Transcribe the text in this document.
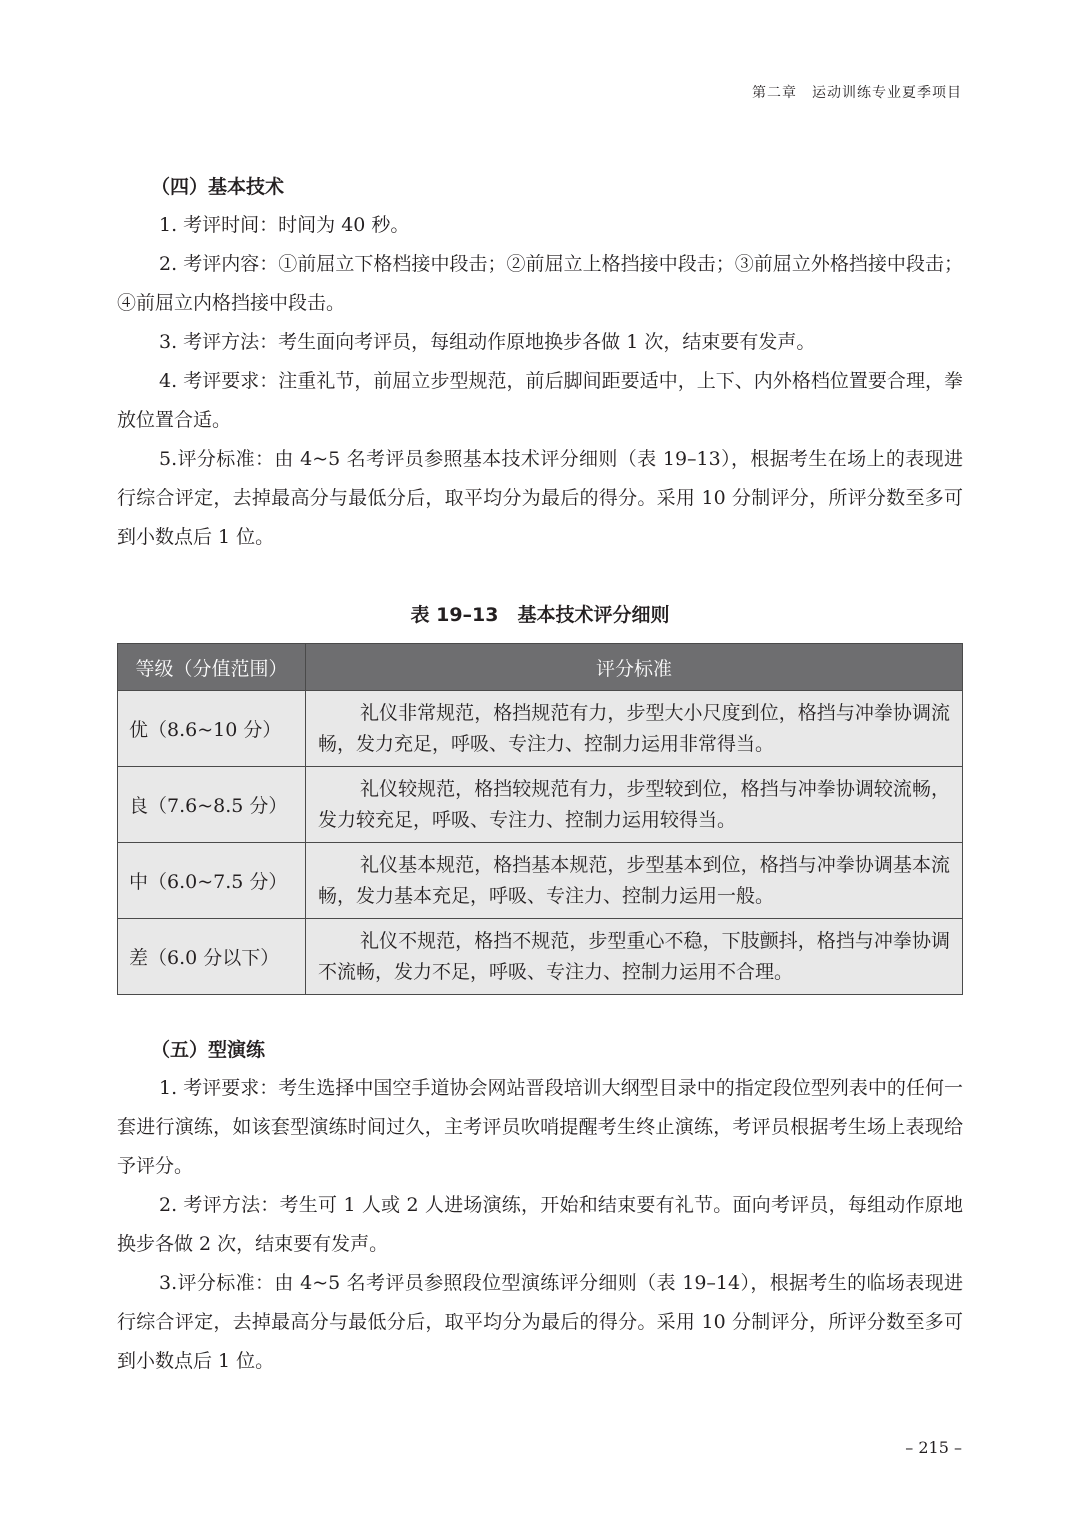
第二章　运动训练专业夏季项目
（四）基本技术

1. 考评时间：时间为 40 秒。

2. 考评内容：①前屈立下格档接中段击；②前屈立上格挡接中段击；③前屈立外格挡接中段击；④前屈立内格挡接中段击。

3. 考评方法：考生面向考评员，每组动作原地换步各做 1 次，结束要有发声。

4. 考评要求：注重礼节，前屈立步型规范，前后脚间距要适中，上下、内外格档位置要合理，拳放位置合适。

5.评分标准：由 4~5 名考评员参照基本技术评分细则（表 19–13），根据考生在场上的表现进行综合评定，去掉最高分与最低分后，取平均分为最后的得分。采用 10 分制评分，所评分数至多可到小数点后 1 位。

表 19–13　基本技术评分细则
等级（分值范围）	评分标准
优（8.6~10 分）	礼仪非常规范，格挡规范有力，步型大小尺度到位，格挡与冲拳协调流畅，发力充足，呼吸、专注力、控制力运用非常得当。
良（7.6~8.5 分）	礼仪较规范，格挡较规范有力，步型较到位，格挡与冲拳协调较流畅，发力较充足，呼吸、专注力、控制力运用较得当。
中（6.0~7.5 分）	礼仪基本规范，格挡基本规范，步型基本到位，格挡与冲拳协调基本流畅，发力基本充足，呼吸、专注力、控制力运用一般。
差（6.0 分以下）	礼仪不规范，格挡不规范，步型重心不稳，下肢颤抖，格挡与冲拳协调不流畅，发力不足，呼吸、专注力、控制力运用不合理。
（五）型演练

1. 考评要求：考生选择中国空手道协会网站晋段培训大纲型目录中的指定段位型列表中的任何一套进行演练，如该套型演练时间过久，主考评员吹哨提醒考生终止演练，考评员根据考生场上表现给予评分。

2. 考评方法：考生可 1 人或 2 人进场演练，开始和结束要有礼节。面向考评员，每组动作原地换步各做 2 次，结束要有发声。

3.评分标准：由 4~5 名考评员参照段位型演练评分细则（表 19–14），根据考生的临场表现进行综合评定，去掉最高分与最低分后，取平均分为最后的得分。采用 10 分制评分，所评分数至多可到小数点后 1 位。

– 215 –
